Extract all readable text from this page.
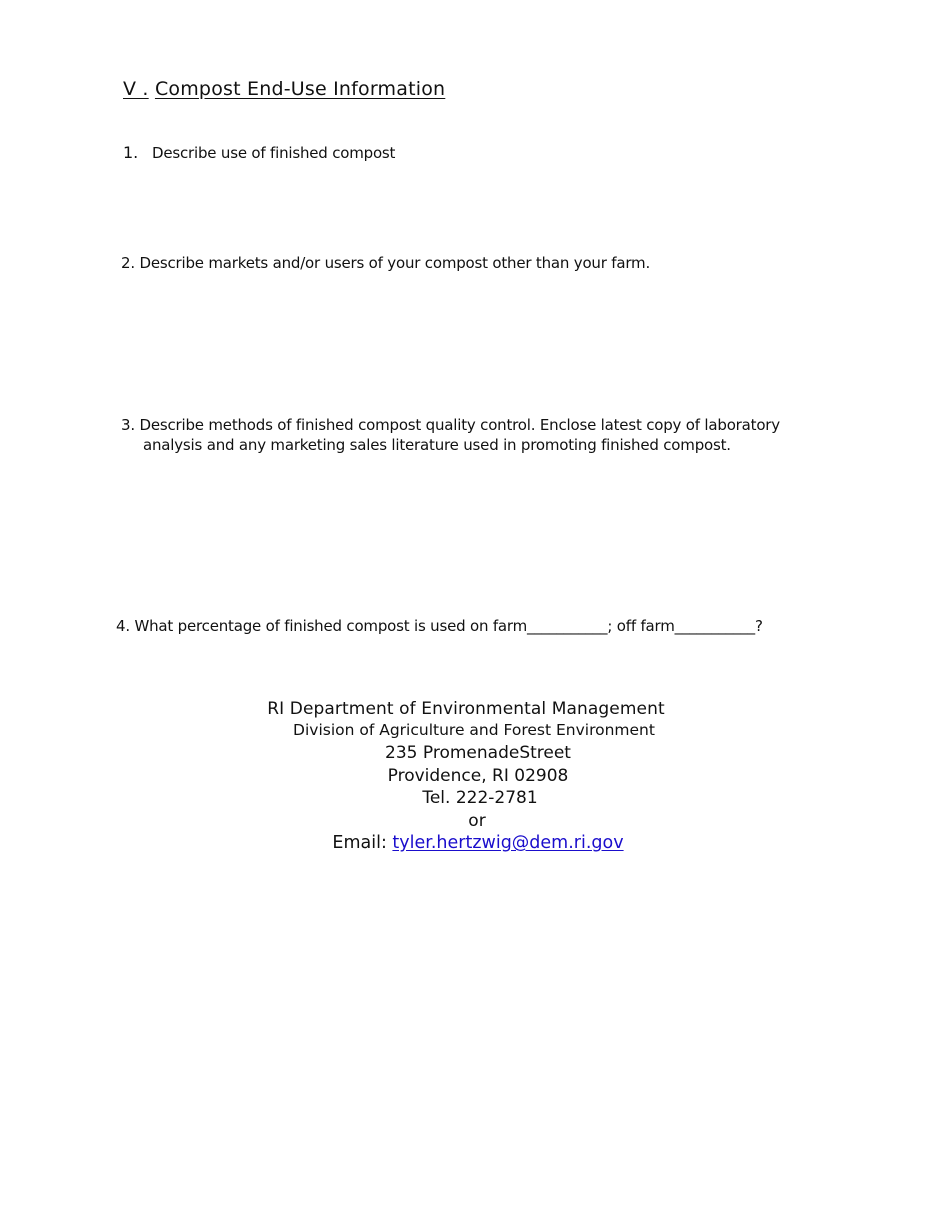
V . Compost End-Use Information
1. Describe use of finished compost
2. Describe markets and/or users of your compost other than your farm.
3. Describe methods of finished compost quality control. Enclose latest copy of laboratory
analysis and any marketing sales literature used in promoting finished compost.
4. What percentage of finished compost is used on farm___________; off farm___________?
RI Department of Environmental Management
Division of Agriculture and Forest Environment
235 PromenadeStreet
Providence, RI 02908
Tel. 222-2781
or
Email: tyler.hertzwig@dem.ri.gov
